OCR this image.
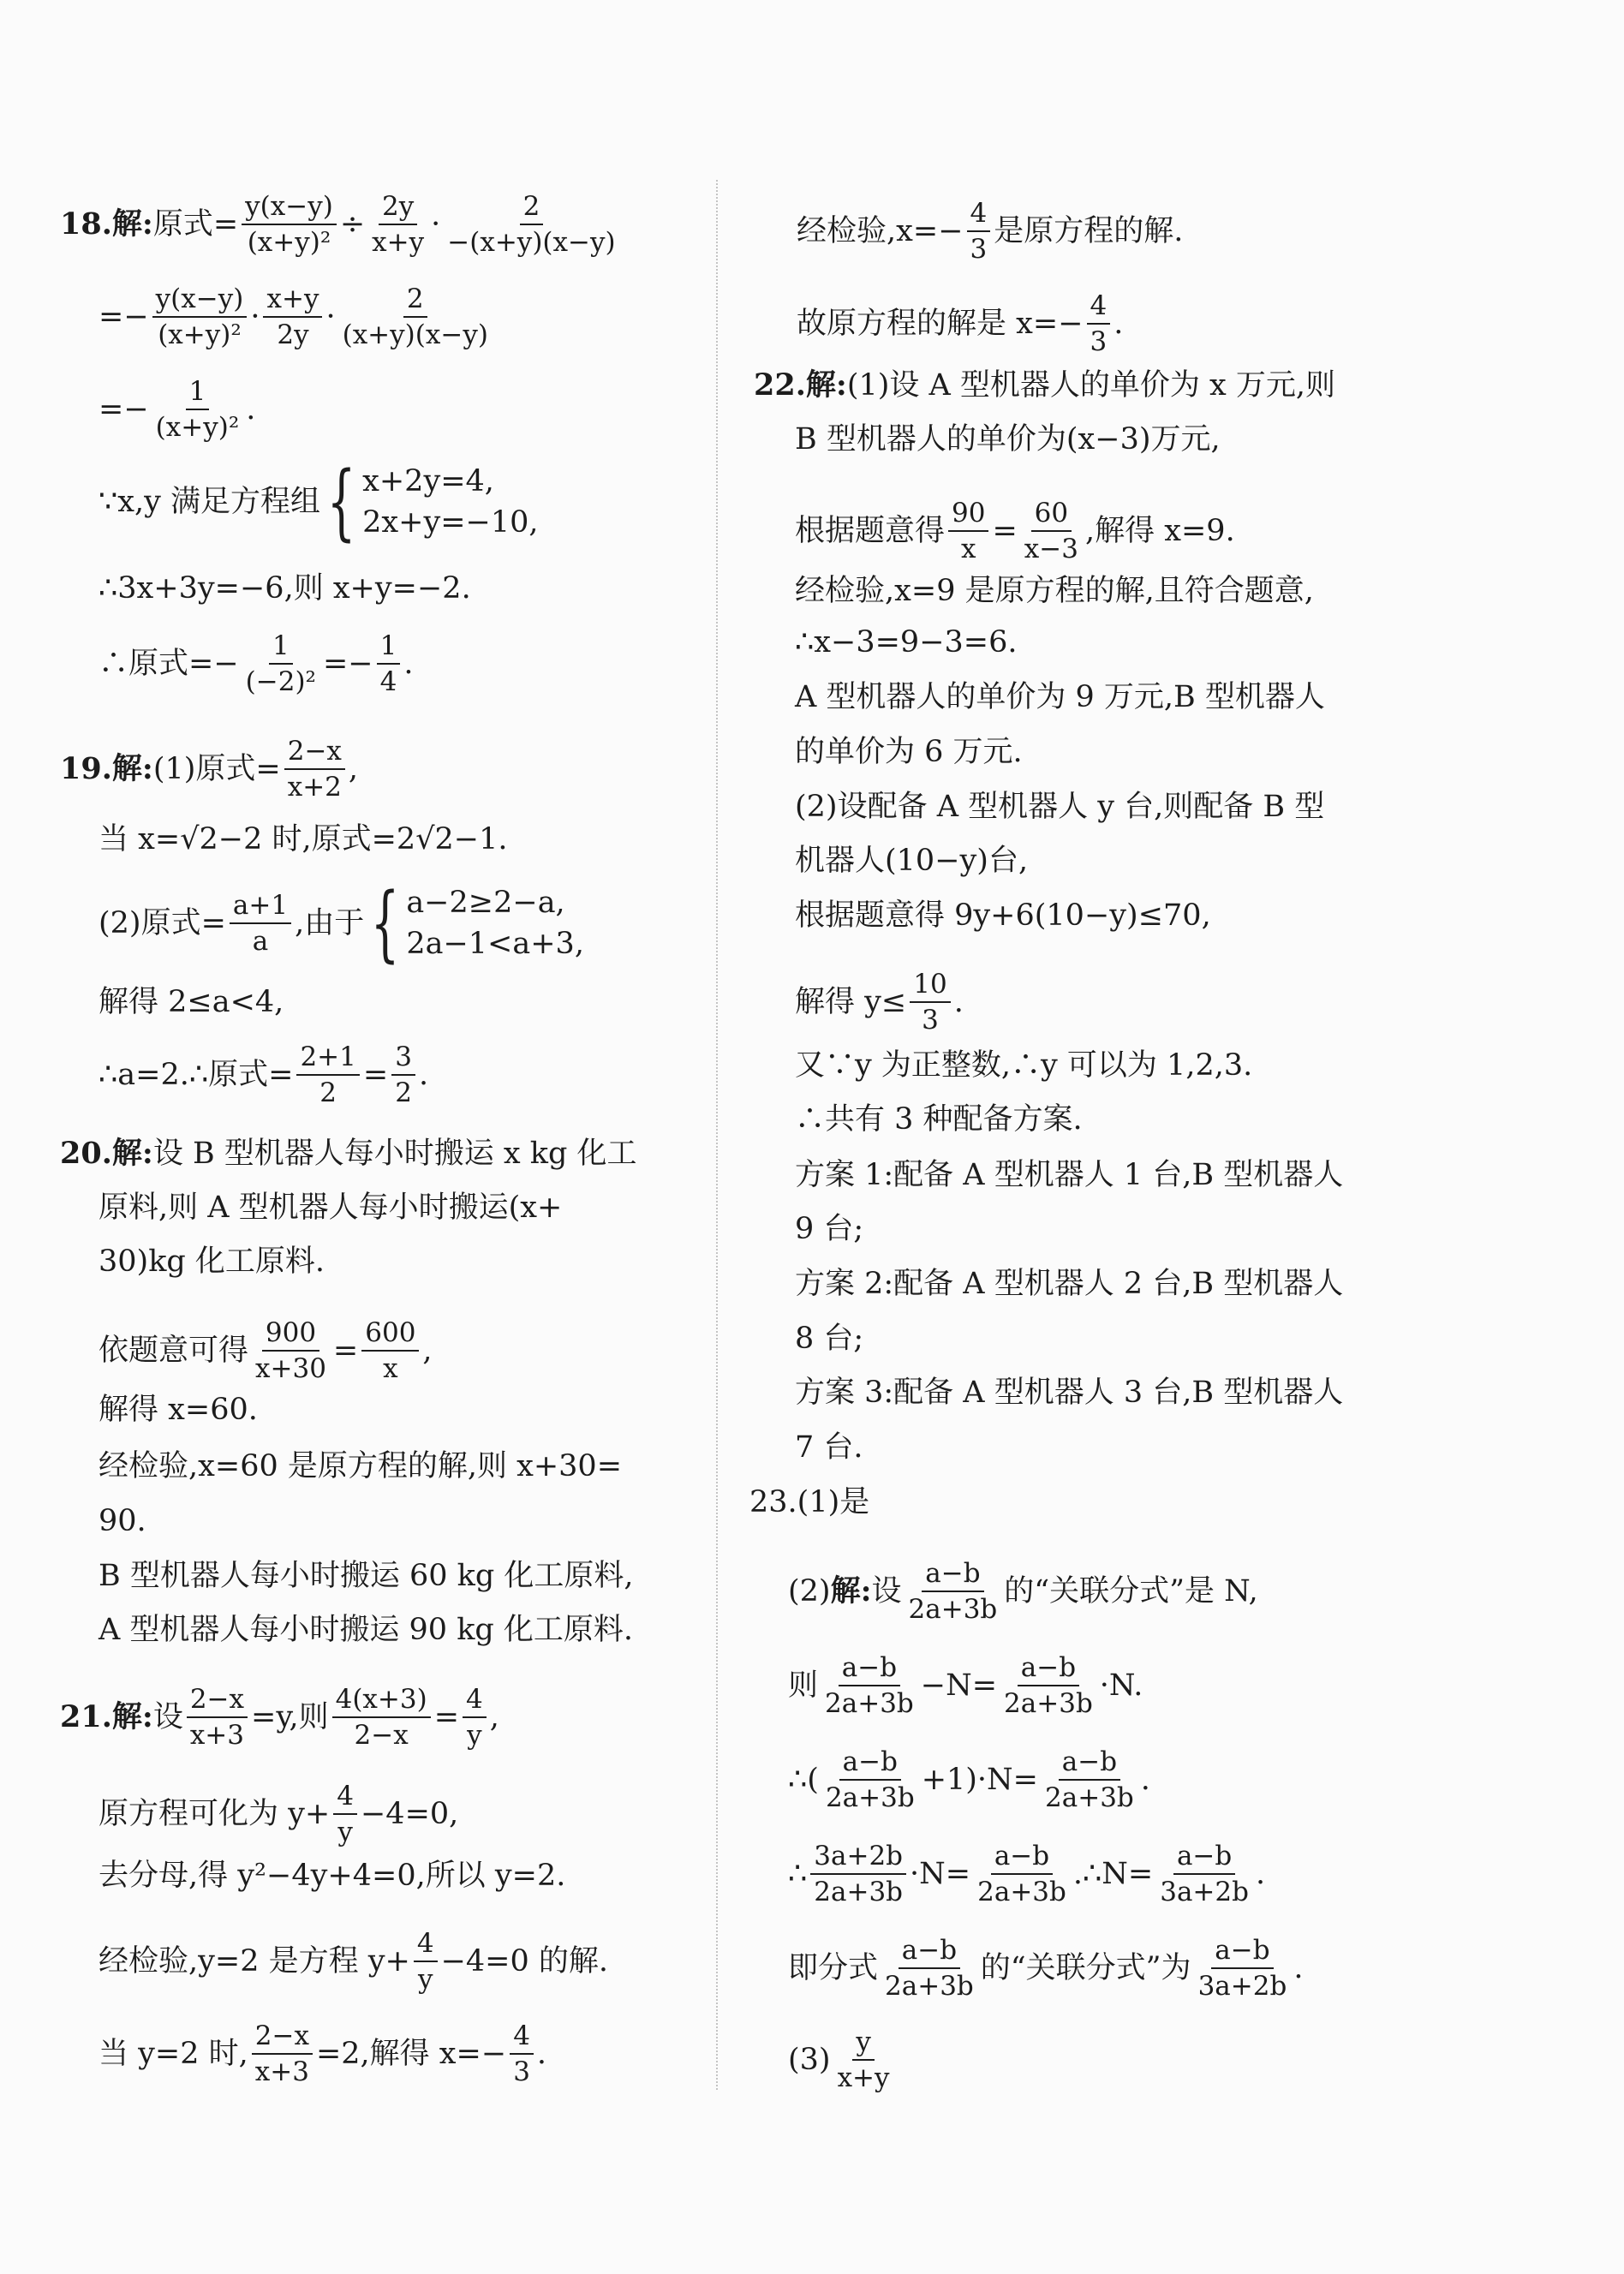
18.解: 原式= $\frac{y(x-y)}{\text{(x+y)²}} \div \frac{2y}{x+y} \cdot \frac{2}{-(x+y)(x-y)}$
=− $\frac{y(x-y)}{\text{(x+y)²}} \cdot \frac{x+y}{2y} \cdot \frac{2}{(x+y)(x-y)}$
=− $\frac{1}{\text{(x+y)²}}$ .
∵x,y 满足方程组 { x+2y=4,
2x+y=−10,
∴3x+3y=−6,则 x+y=−2.
∴原式=− $\frac{1}{\text{(−2)²}} =- \frac{1}{4}$ .
19.解: (1)原式= $\frac{2-x}{x+2}$ ,
当 x=√2−2 时,原式=2√2−1.
(2)原式= $\frac{a+1}{a}$ ,由于 { a−2≥2−a,
2a−1<a+3,
解得 2≤a<4,
∴a=2.∴原式= $\frac{2+1}{2} = \frac{3}{2}$ .
20.解: 设 B 型机器人每小时搬运 x kg 化工
原料,则 A 型机器人每小时搬运(x+
30)kg 化工原料.
依题意可得 $\frac{900}{x+30} = \frac{600}{x}$ ,
解得 x=60.
经检验,x=60 是原方程的解,则 x+30=
90.
B 型机器人每小时搬运 60 kg 化工原料,
A 型机器人每小时搬运 90 kg 化工原料.
21.解: 设 $\frac{2-x}{x+3} =y$,则 $\frac{4(x+3)}{2-x} = \frac{4}{y}$ ,
原方程可化为 $y+ \frac{4}{y} -4=0$,
去分母,得 y²−4y+4=0,所以 y=2.
经检验,y=2 是方程 $y+ \frac{4}{y} -4=0$ 的解.
当 y=2 时, $\frac{2-x}{x+3} =2$,解得 $x=- \frac{4}{3}$ .
经检验$,x=- \frac{4}{3}$ 是原方程的解.
故原方程的解是 $x=- \frac{4}{3}$ .
22.解: (1)设 A 型机器人的单价为 x 万元,则
B 型机器人的单价为(x−3)万元,
根据题意得 $\frac{90}{x} = \frac{60}{x-3}$ ,解得 x=9.
经检验,x=9 是原方程的解,且符合题意,
∴x−3=9−3=6.
A 型机器人的单价为 9 万元,B 型机器人
的单价为 6 万元.
(2)设配备 A 型机器人 y 台,则配备 B 型
机器人(10−y)台,
根据题意得 9y+6(10−y)≤70,
解得 $y\le \frac{10}{3}$ .
又∵y 为正整数,∴y 可以为 1,2,3.
∴共有 3 种配备方案.
方案 1:配备 A 型机器人 1 台,B 型机器人
9 台;
方案 2:配备 A 型机器人 2 台,B 型机器人
8 台;
方案 3:配备 A 型机器人 3 台,B 型机器人
7 台.
23.(1)是
(2) 解: 设 $\frac{a-b}{2a+3b}$ 的“关联分式”是 N,
则 $\frac{a-b}{2a+3b} -N= \frac{a-b}{2a+3b} \cdot N$.
∴( $\frac{a-b}{2a+3b} +1)\cdot N= \frac{a-b}{2a+3b}$ .
∴ $\frac{3a+2b}{2a+3b} \cdot N= \frac{a-b}{2a+3b}$ .∴N= $\frac{a-b}{3a+2b}$ .
即分式 $\frac{a-b}{2a+3b}$ 的“关联分式”为 $\frac{a-b}{3a+2b}$ .
$(3) \frac{y}{x+y}$
